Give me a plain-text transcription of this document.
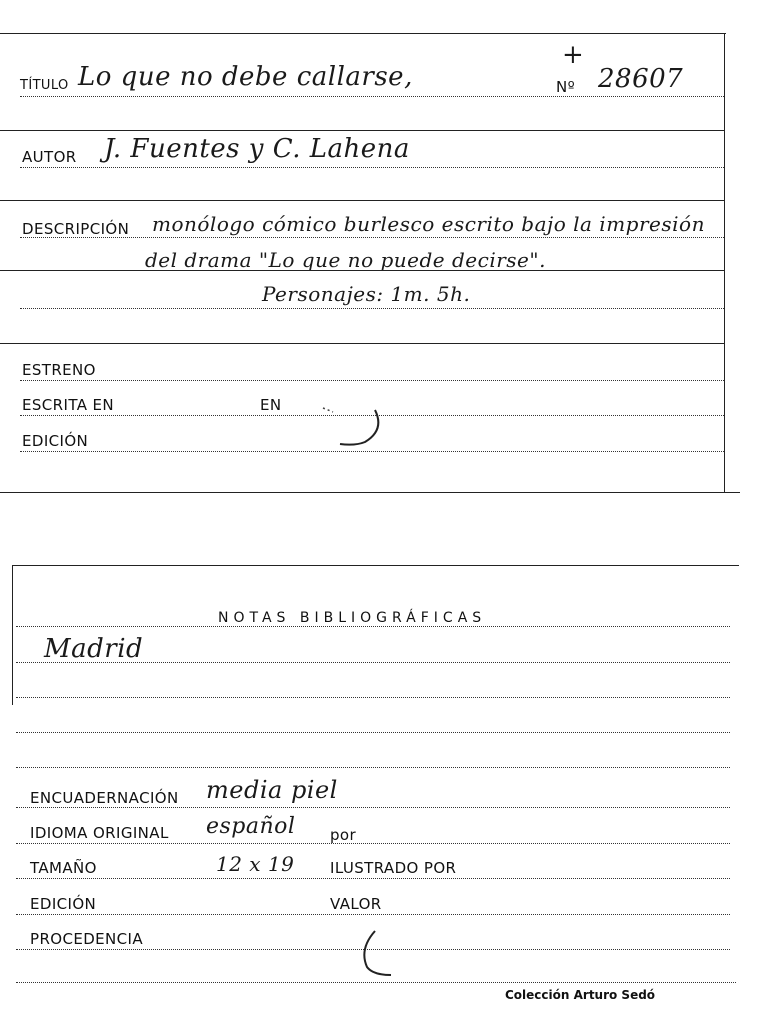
TÍTULO Lo que no debe callarse,
+
Nº 28607
AUTOR J. Fuentes y C. Lahena
DESCRIPCIÓN monólogo cómico burlesco escrito bajo la impresión
del drama "Lo que no puede decirse".
Personajes: 1m. 5h.
ESTRENO
ESCRITA EN	EN
EDICIÓN
NOTAS BIBLIOGRÁFICAS
Madrid
ENCUADERNACIÓN media piel
IDIOMA ORIGINAL español por
TAMAÑO	12 x 19 ILUSTRADO POR
EDICIÓN	VALOR
PROCEDENCIA
Colección Arturo Sedó
